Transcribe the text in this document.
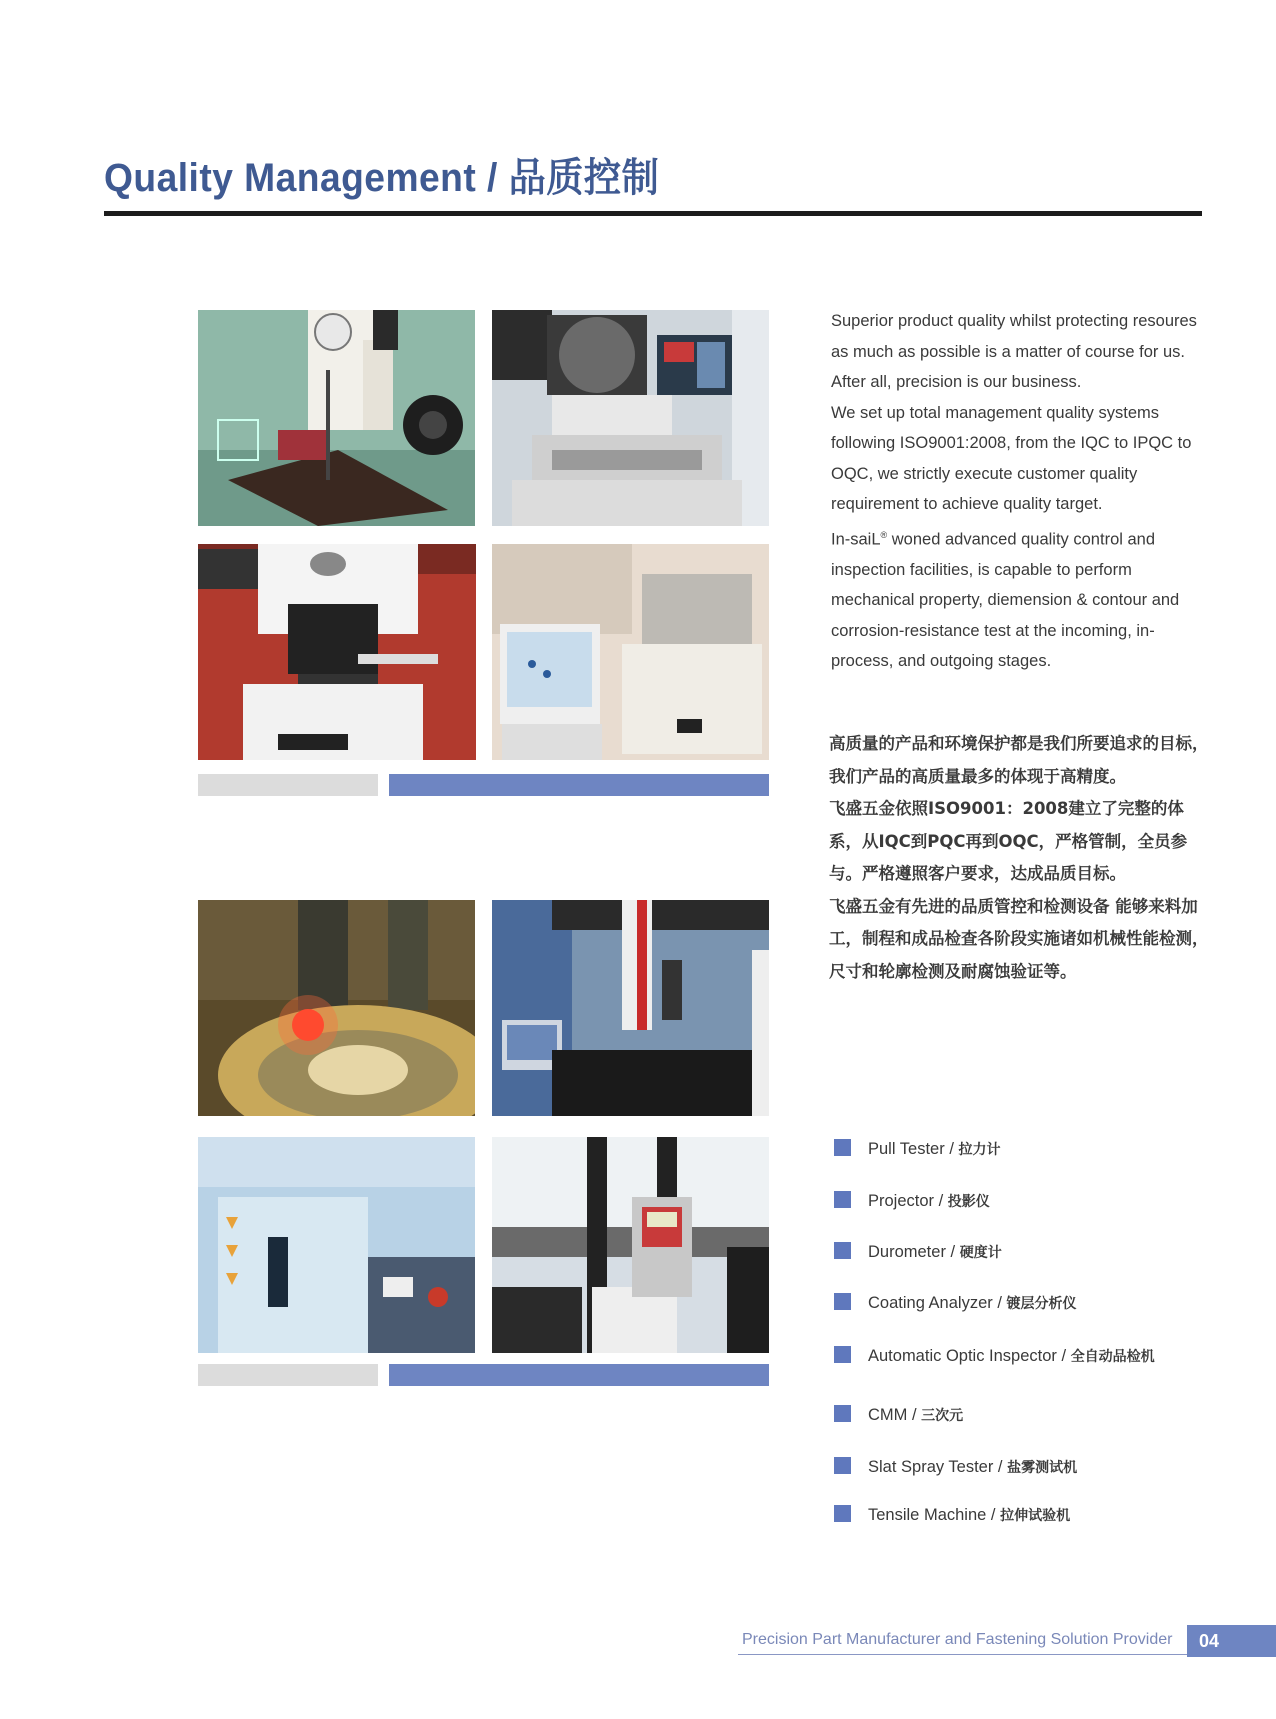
Quality Management / 品质控制

Superior product quality whilst protecting resoures as much as possible is a matter of course for us. After all, precision is our business.

We set up total management quality systems following ISO9001:2008, from the IQC to IPQC to OQC, we strictly execute customer quality requirement to achieve quality target.

In-saiL® woned advanced quality control and inspection facilities, is capable to perform mechanical property, diemension & contour and corrosion-resistance test at the incoming, in-process, and outgoing stages.

高质量的产品和环境保护都是我们所要追求的目标，我们产品的高质量最多的体现于高精度。

飞盛五金依照ISO9001：2008建立了完整的体系，从IQC到PQC再到OQC，严格管制，全员参与。严格遵照客户要求，达成品质目标。

飞盛五金有先进的品质管控和检测设备 能够来料加工，制程和成品检查各阶段实施诸如机械性能检测，尺寸和轮廓检测及耐腐蚀验证等。

Pull Tester / 拉力计
Projector / 投影仪
Durometer / 硬度计
Coating Analyzer / 镀层分析仪
Automatic Optic Inspector / 全自动品检机
CMM / 三次元
Slat Spray Tester / 盐雾测试机
Tensile Machine / 拉伸试验机
Precision Part Manufacturer and Fastening Solution Provider	04
